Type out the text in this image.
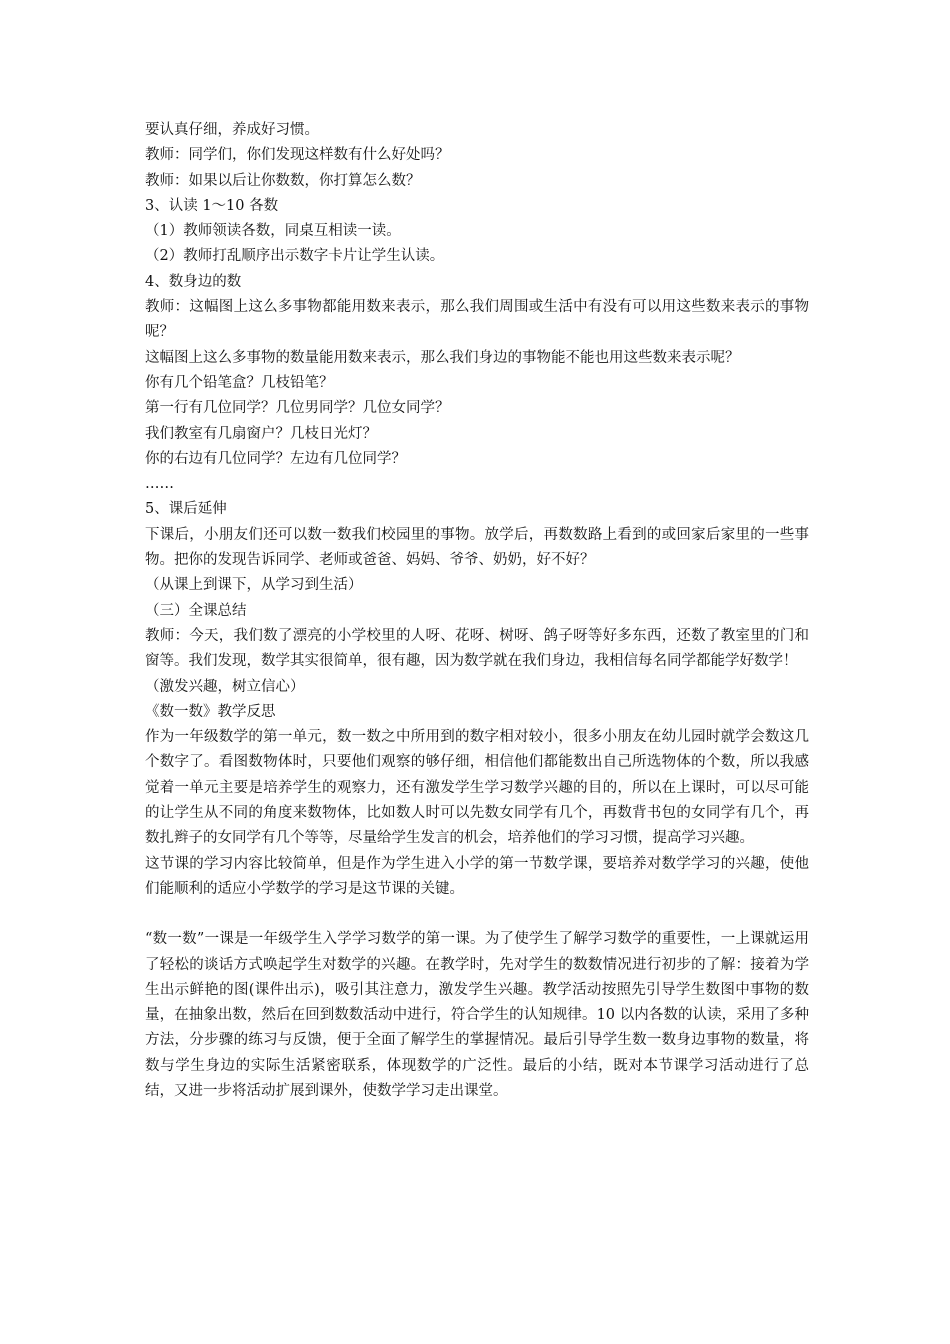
要认真仔细，养成好习惯。

教师：同学们，你们发现这样数有什么好处吗？

教师：如果以后让你数数，你打算怎么数？

3、认读 1～10 各数

（1）教师领读各数，同桌互相读一读。

（2）教师打乱顺序出示数字卡片让学生认读。

4、数身边的数

教师：这幅图上这么多事物都能用数来表示，那么我们周围或生活中有没有可以用这些数来表示的事物呢？

这幅图上这么多事物的数量能用数来表示，那么我们身边的事物能不能也用这些数来表示呢？

你有几个铅笔盒？几枝铅笔？

第一行有几位同学？几位男同学？几位女同学？

我们教室有几扇窗户？几枝日光灯？

你的右边有几位同学？左边有几位同学？

……

5、课后延伸

下课后，小朋友们还可以数一数我们校园里的事物。放学后，再数数路上看到的或回家后家里的一些事物。把你的发现告诉同学、老师或爸爸、妈妈、爷爷、奶奶，好不好？

（从课上到课下，从学习到生活）

（三）全课总结

教师：今天，我们数了漂亮的小学校里的人呀、花呀、树呀、鸽子呀等好多东西，还数了教室里的门和窗等。我们发现，数学其实很简单，很有趣，因为数学就在我们身边，我相信每名同学都能学好数学！

（激发兴趣，树立信心）

《数一数》教学反思

作为一年级数学的第一单元，数一数之中所用到的数字相对较小，很多小朋友在幼儿园时就学会数这几个数字了。看图数物体时，只要他们观察的够仔细，相信他们都能数出自己所选物体的个数，所以我感觉着一单元主要是培养学生的观察力，还有激发学生学习数学兴趣的目的，所以在上课时，可以尽可能的让学生从不同的角度来数物体，比如数人时可以先数女同学有几个，再数背书包的女同学有几个，再数扎辫子的女同学有几个等等，尽量给学生发言的机会，培养他们的学习习惯，提高学习兴趣。

这节课的学习内容比较简单，但是作为学生进入小学的第一节数学课，要培养对数学学习的兴趣，使他们能顺利的适应小学数学的学习是这节课的关键。

“数一数”一课是一年级学生入学学习数学的第一课。为了使学生了解学习数学的重要性，一上课就运用了轻松的谈话方式唤起学生对数学的兴趣。在教学时，先对学生的数数情况进行初步的了解：接着为学生出示鲜艳的图(课件出示)，吸引其注意力，激发学生兴趣。教学活动按照先引导学生数图中事物的数量，在抽象出数，然后在回到数数活动中进行，符合学生的认知规律。10 以内各数的认读，采用了多种方法，分步骤的练习与反馈，便于全面了解学生的掌握情况。最后引导学生数一数身边事物的数量，将数与学生身边的实际生活紧密联系，体现数学的广泛性。最后的小结，既对本节课学习活动进行了总结，又进一步将活动扩展到课外，使数学学习走出课堂。
